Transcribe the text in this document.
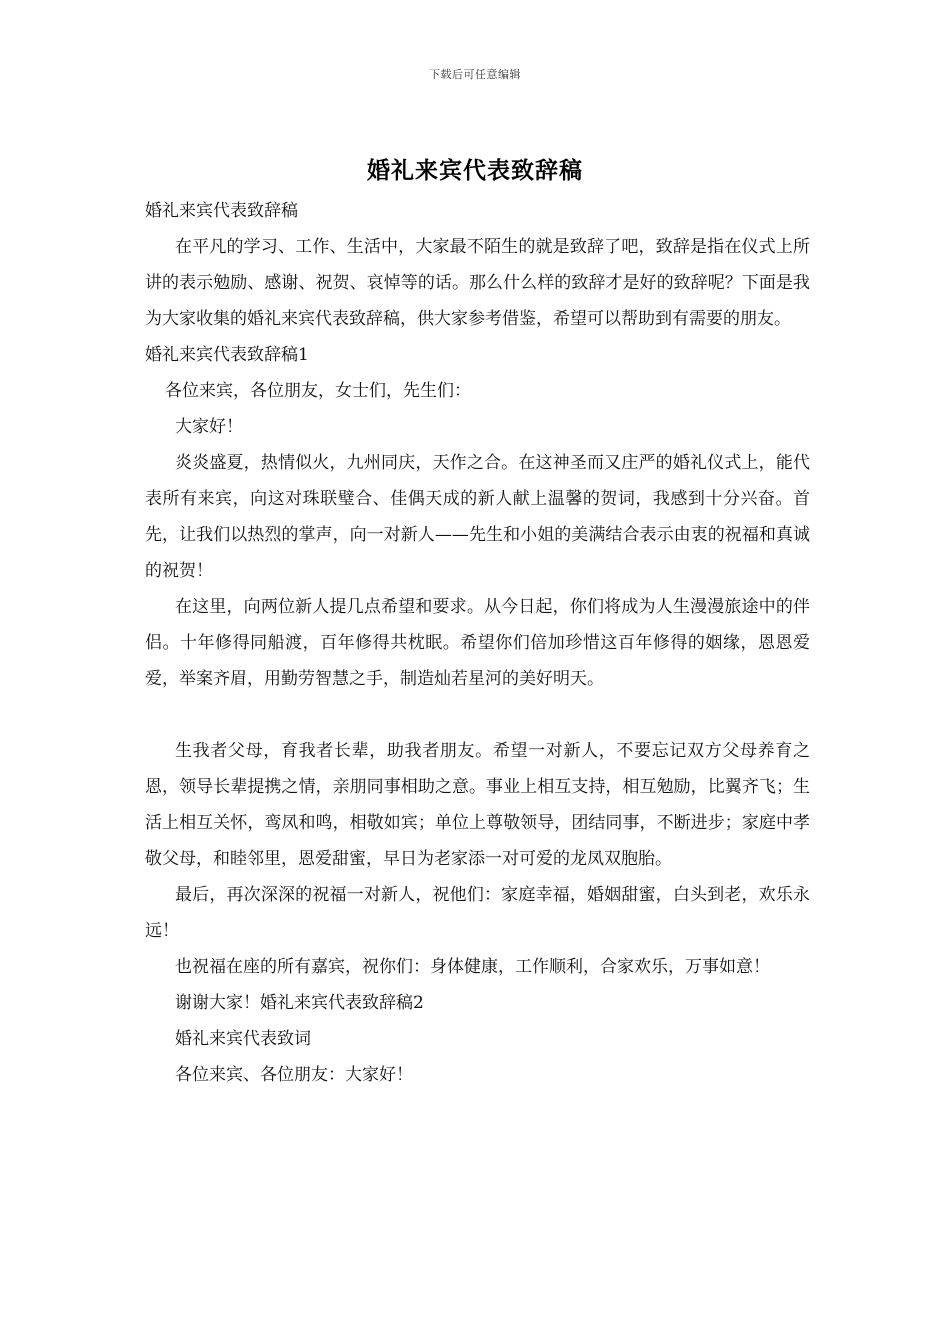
下载后可任意编辑
婚礼来宾代表致辞稿

婚礼来宾代表致辞稿

在平凡的学习、工作、生活中，大家最不陌生的就是致辞了吧，致辞是指在仪式上所讲的表示勉励、感谢、祝贺、哀悼等的话。那么什么样的致辞才是好的致辞呢？下面是我为大家收集的婚礼来宾代表致辞稿，供大家参考借鉴，希望可以帮助到有需要的朋友。

婚礼来宾代表致辞稿1

各位来宾，各位朋友，女士们，先生们：

大家好！

炎炎盛夏，热情似火，九州同庆，天作之合。在这神圣而又庄严的婚礼仪式上，能代表所有来宾，向这对珠联璧合、佳偶天成的新人献上温馨的贺词，我感到十分兴奋。首先，让我们以热烈的掌声，向一对新人——先生和小姐的美满结合表示由衷的祝福和真诚的祝贺！

在这里，向两位新人提几点希望和要求。从今日起，你们将成为人生漫漫旅途中的伴侣。十年修得同船渡，百年修得共枕眠。希望你们倍加珍惜这百年修得的姻缘，恩恩爱爱，举案齐眉，用勤劳智慧之手，制造灿若星河的美好明天。

生我者父母，育我者长辈，助我者朋友。希望一对新人，不要忘记双方父母养育之恩，领导长辈提携之情，亲朋同事相助之意。事业上相互支持，相互勉励，比翼齐飞；生活上相互关怀，鸾凤和鸣，相敬如宾；单位上尊敬领导，团结同事，不断进步；家庭中孝敬父母，和睦邻里，恩爱甜蜜，早日为老家添一对可爱的龙凤双胞胎。

最后，再次深深的祝福一对新人，祝他们：家庭幸福，婚姻甜蜜，白头到老，欢乐永远！

也祝福在座的所有嘉宾，祝你们：身体健康，工作顺利，合家欢乐，万事如意！

谢谢大家！婚礼来宾代表致辞稿2

婚礼来宾代表致词

各位来宾、各位朋友：大家好！
